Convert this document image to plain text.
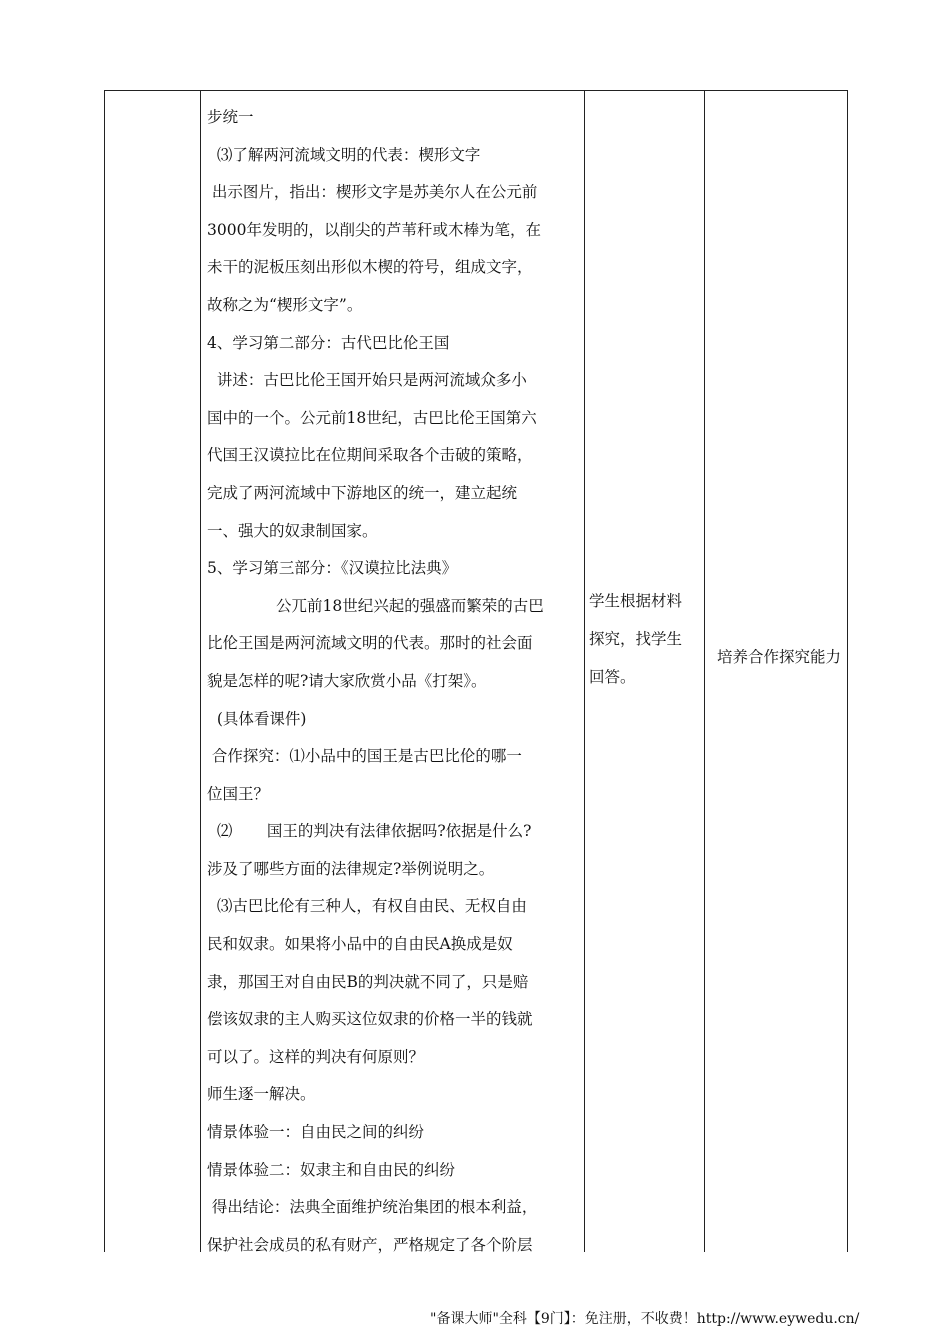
步统一
⑶了解两河流域文明的代表：楔形文字
出示图片，指出：楔形文字是苏美尔人在公元前
3000年发明的，以削尖的芦苇秆或木棒为笔，在
未干的泥板压刻出形似木楔的符号，组成文字，
故称之为“楔形文字”。
4、学习第二部分：古代巴比伦王国
讲述：古巴比伦王国开始只是两河流域众多小
国中的一个。公元前18世纪，古巴比伦王国第六
代国王汉谟拉比在位期间采取各个击破的策略，
完成了两河流域中下游地区的统一，建立起统
一、强大的奴隶制国家。
5、学习第三部分：《汉谟拉比法典》
公兀前18世纪兴起的强盛而繁荣的古巴
比伦王国是两河流域文明的代表。那时的社会面
貌是怎样的呢?请大家欣赏小品《打架》。
(具体看课件)
合作探究：⑴小品中的国王是古巴比伦的哪一
位国王？
⑵       国王的判决有法律依据吗?依据是什么?
涉及了哪些方面的法律规定?举例说明之。
⑶古巴比伦有三种人，有权自由民、无权自由
民和奴隶。如果将小品中的自由民A换成是奴
隶，那国王对自由民B的判决就不同了，只是赔
偿该奴隶的主人购买这位奴隶的价格一半的钱就
可以了。这样的判决有何原则？
师生逐一解决。
情景体验一：自由民之间的纠纷
情景体验二：奴隶主和自由民的纠纷
得出结论：法典全面维护统治集团的根本利益，
保护社会成员的私有财产，严格规定了各个阶层
学生根据材料
探究，找学生
回答。
培养合作探究能力
"备课大师"全科【9门】：免注册，不收费！http://www.eywedu.cn/
